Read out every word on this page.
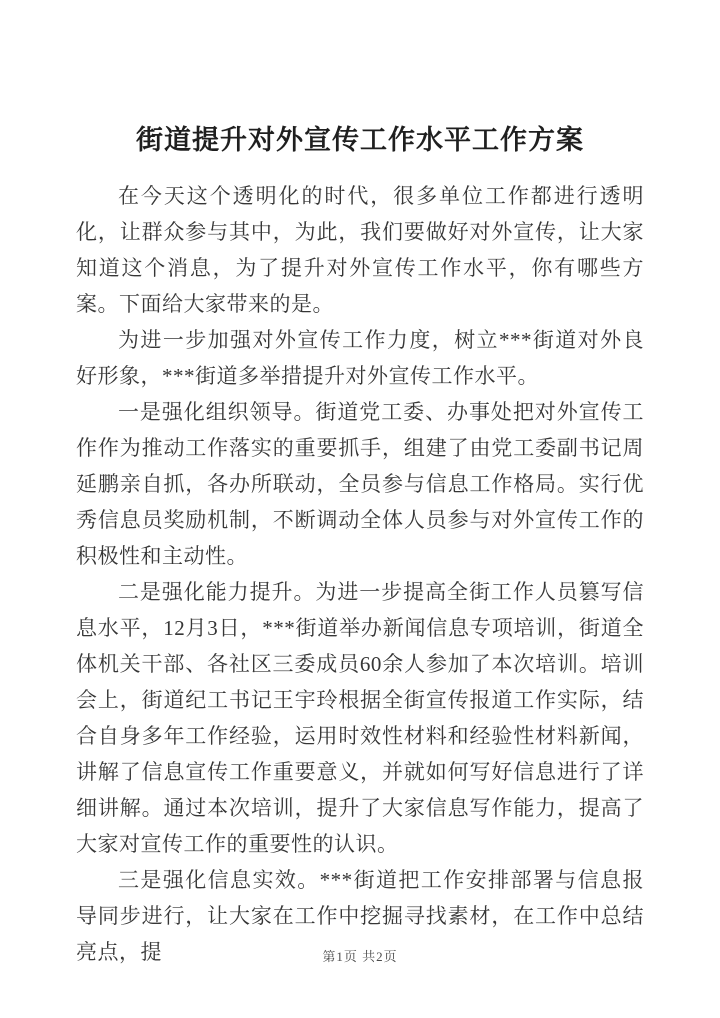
街道提升对外宣传工作水平工作方案

在今天这个透明化的时代，很多单位工作都进行透明化，让群众参与其中，为此，我们要做好对外宣传，让大家知道这个消息，为了提升对外宣传工作水平，你有哪些方案。下面给大家带来的是。

为进一步加强对外宣传工作力度，树立***街道对外良好形象，***街道多举措提升对外宣传工作水平。

一是强化组织领导。街道党工委、办事处把对外宣传工作作为推动工作落实的重要抓手，组建了由党工委副书记周延鹏亲自抓，各办所联动，全员参与信息工作格局。实行优秀信息员奖励机制，不断调动全体人员参与对外宣传工作的积极性和主动性。

二是强化能力提升。为进一步提高全街工作人员篡写信息水平，12月3日，***街道举办新闻信息专项培训，街道全体机关干部、各社区三委成员60余人参加了本次培训。培训会上，街道纪工书记王宇玲根据全街宣传报道工作实际，结合自身多年工作经验，运用时效性材料和经验性材料新闻，讲解了信息宣传工作重要意义，并就如何写好信息进行了详细讲解。通过本次培训，提升了大家信息写作能力，提高了大家对宣传工作的重要性的认识。

三是强化信息实效。***街道把工作安排部署与信息报导同步进行，让大家在工作中挖掘寻找素材，在工作中总结亮点，提	第1页 共2页
